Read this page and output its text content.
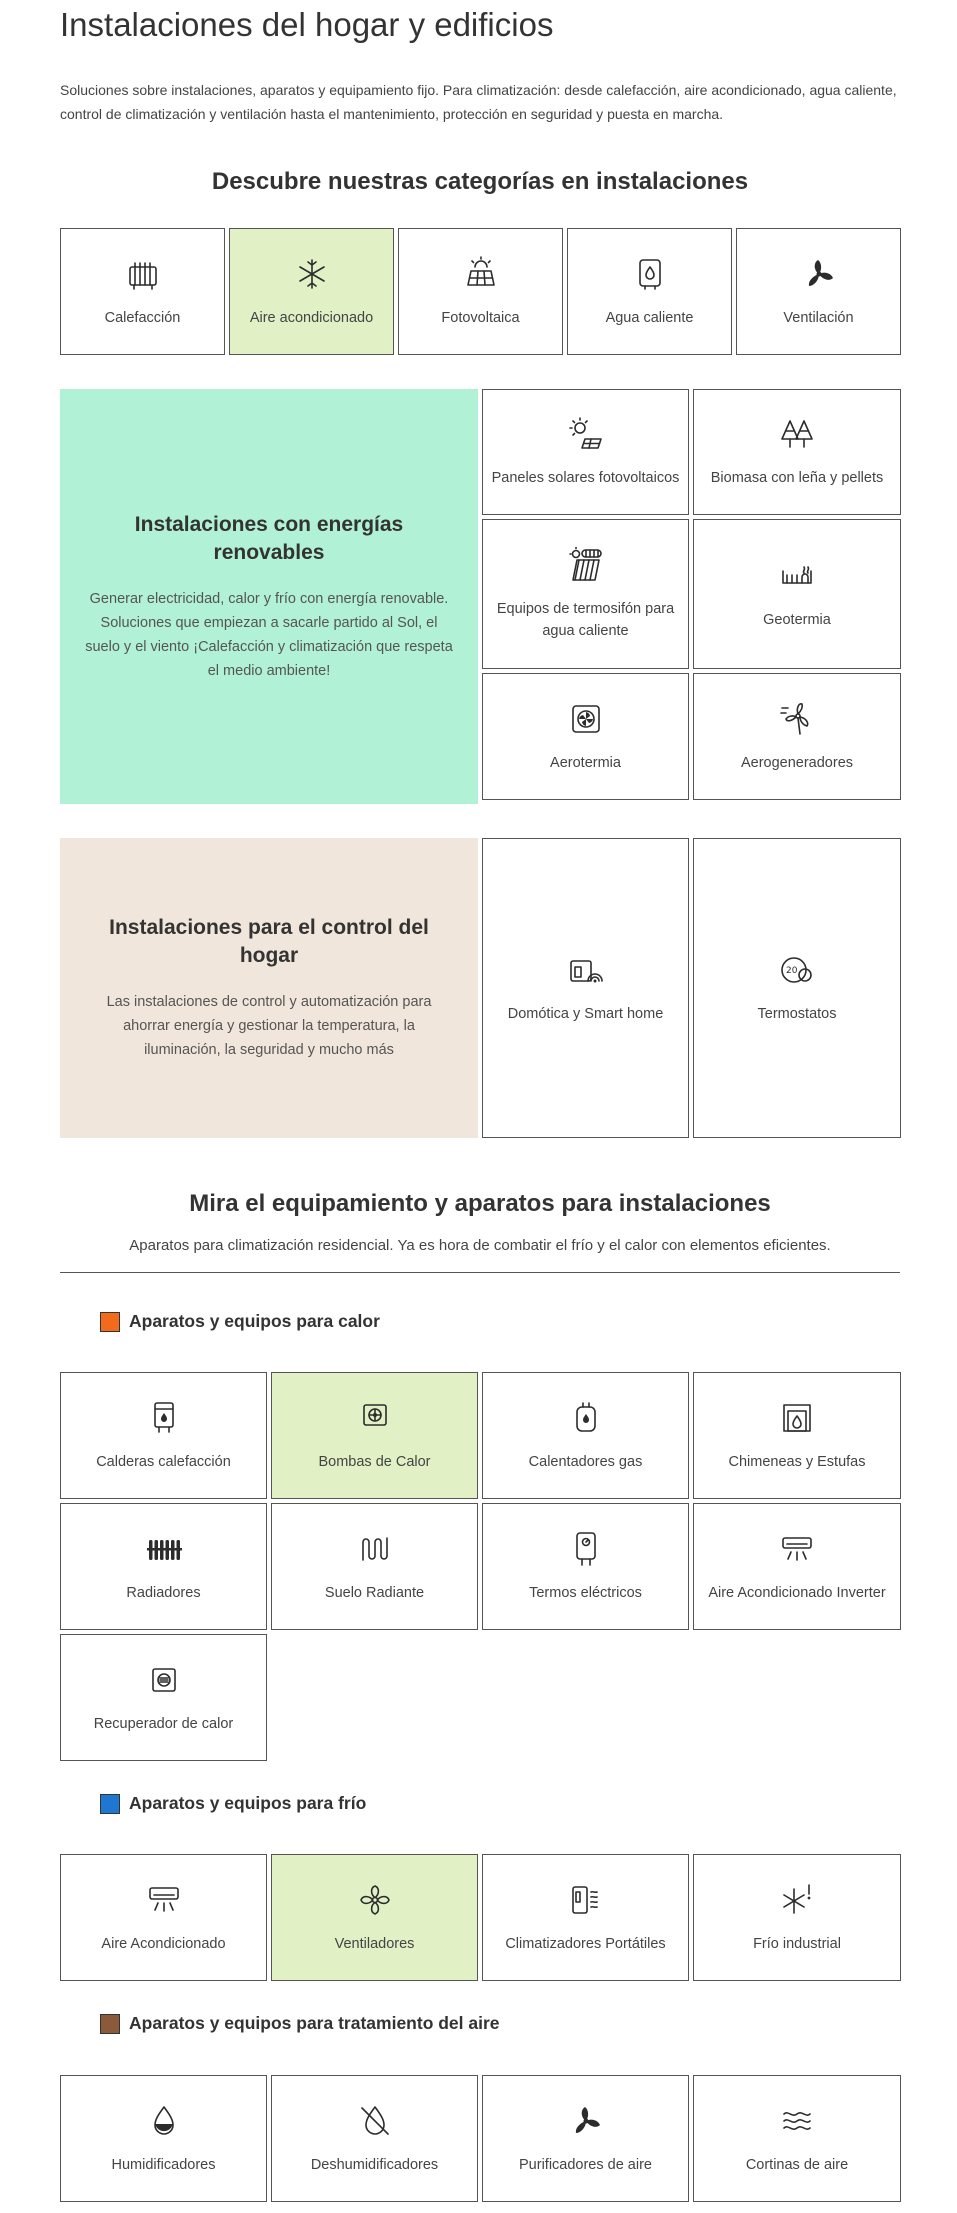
Instalaciones del hogar y edificios

Soluciones sobre instalaciones, aparatos y equipamiento fijo. Para climatización: desde calefacción, aire acondicionado, agua caliente, control de climatización y ventilación hasta el mantenimiento, protección en seguridad y puesta en marcha.

Descubre nuestras categorías en instalaciones
Calefacción	Aire acondicionado	Fotovoltaica	Agua caliente	Ventilación
Instalaciones con energías renovables
Generar electricidad, calor y frío con energía renovable. Soluciones que empiezan a sacarle partido al Sol, el suelo y el viento ¡Calefacción y climatización que respeta el medio ambiente!
Paneles solares fotovoltaicos	Biomasa con leña y pellets
Equipos de termosifón para agua caliente
Geotermia
Aerotermia	Aerogeneradores
Instalaciones para el control del hogar
Las instalaciones de control y automatización para ahorrar energía y gestionar la temperatura, la iluminación, la seguridad y mucho más
Domótica y Smart home
20
Termostatos
Mira el equipamiento y aparatos para instalaciones

Aparatos para climatización residencial. Ya es hora de combatir el frío y el calor con elementos eficientes.

Aparatos y equipos para calor
Calderas calefacción	Bombas de Calor	Calentadores gas	Chimeneas y Estufas
Radiadores	Suelo Radiante	Termos eléctricos	Aire Acondicionado Inverter
Recuperador de calor
Aparatos y equipos para frío
Aire Acondicionado	Ventiladores	Climatizadores Portátiles	Frío industrial
Aparatos y equipos para tratamiento del aire
Humidificadores	Deshumidificadores	Purificadores de aire	Cortinas de aire
